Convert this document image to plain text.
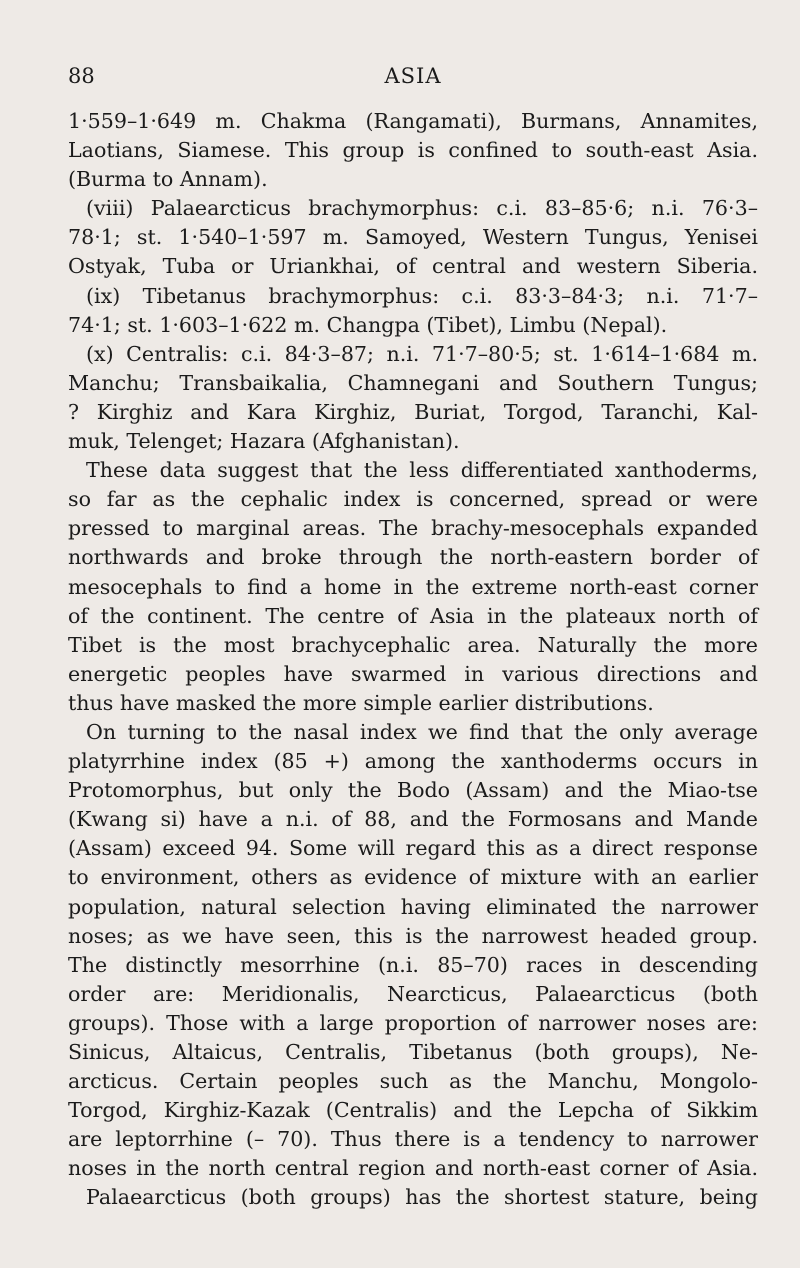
88	ASIA
1·559–1·649 m. Chakma (Rangamati), Burmans, Annamites,
Laotians, Siamese. This group is confined to south-east Asia.
(Burma to Annam).
(viii) Palaearcticus brachymorphus: c.i. 83–85·6; n.i. 76·3–
78·1; st. 1·540–1·597 m. Samoyed, Western Tungus, Yenisei
Ostyak, Tuba or Uriankhai, of central and western Siberia.
(ix) Tibetanus brachymorphus: c.i. 83·3–84·3; n.i. 71·7–
74·1; st. 1·603–1·622 m. Changpa (Tibet), Limbu (Nepal).
(x) Centralis: c.i. 84·3–87; n.i. 71·7–80·5; st. 1·614–1·684 m.
Manchu; Transbaikalia, Chamnegani and Southern Tungus;
? Kirghiz and Kara Kirghiz, Buriat, Torgod, Taranchi, Kal-
muk, Telenget; Hazara (Afghanistan).
These data suggest that the less differentiated xanthoderms,
so far as the cephalic index is concerned, spread or were
pressed to marginal areas. The brachy-mesocephals expanded
northwards and broke through the north-eastern border of
mesocephals to find a home in the extreme north-east corner
of the continent. The centre of Asia in the plateaux north of
Tibet is the most brachycephalic area. Naturally the more
energetic peoples have swarmed in various directions and
thus have masked the more simple earlier distributions.
On turning to the nasal index we find that the only average
platyrrhine index (85 +) among the xanthoderms occurs in
Protomorphus, but only the Bodo (Assam) and the Miao-tse
(Kwang si) have a n.i. of 88, and the Formosans and Mande
(Assam) exceed 94. Some will regard this as a direct response
to environment, others as evidence of mixture with an earlier
population, natural selection having eliminated the narrower
noses; as we have seen, this is the narrowest headed group.
The distinctly mesorrhine (n.i. 85–70) races in descending
order are: Meridionalis, Nearcticus, Palaearcticus (both
groups). Those with a large proportion of narrower noses are:
Sinicus, Altaicus, Centralis, Tibetanus (both groups), Ne-
arcticus. Certain peoples such as the Manchu, Mongolo-
Torgod, Kirghiz-Kazak (Centralis) and the Lepcha of Sikkim
are leptorrhine (– 70). Thus there is a tendency to narrower
noses in the north central region and north-east corner of Asia.
Palaearcticus (both groups) has the shortest stature, being
